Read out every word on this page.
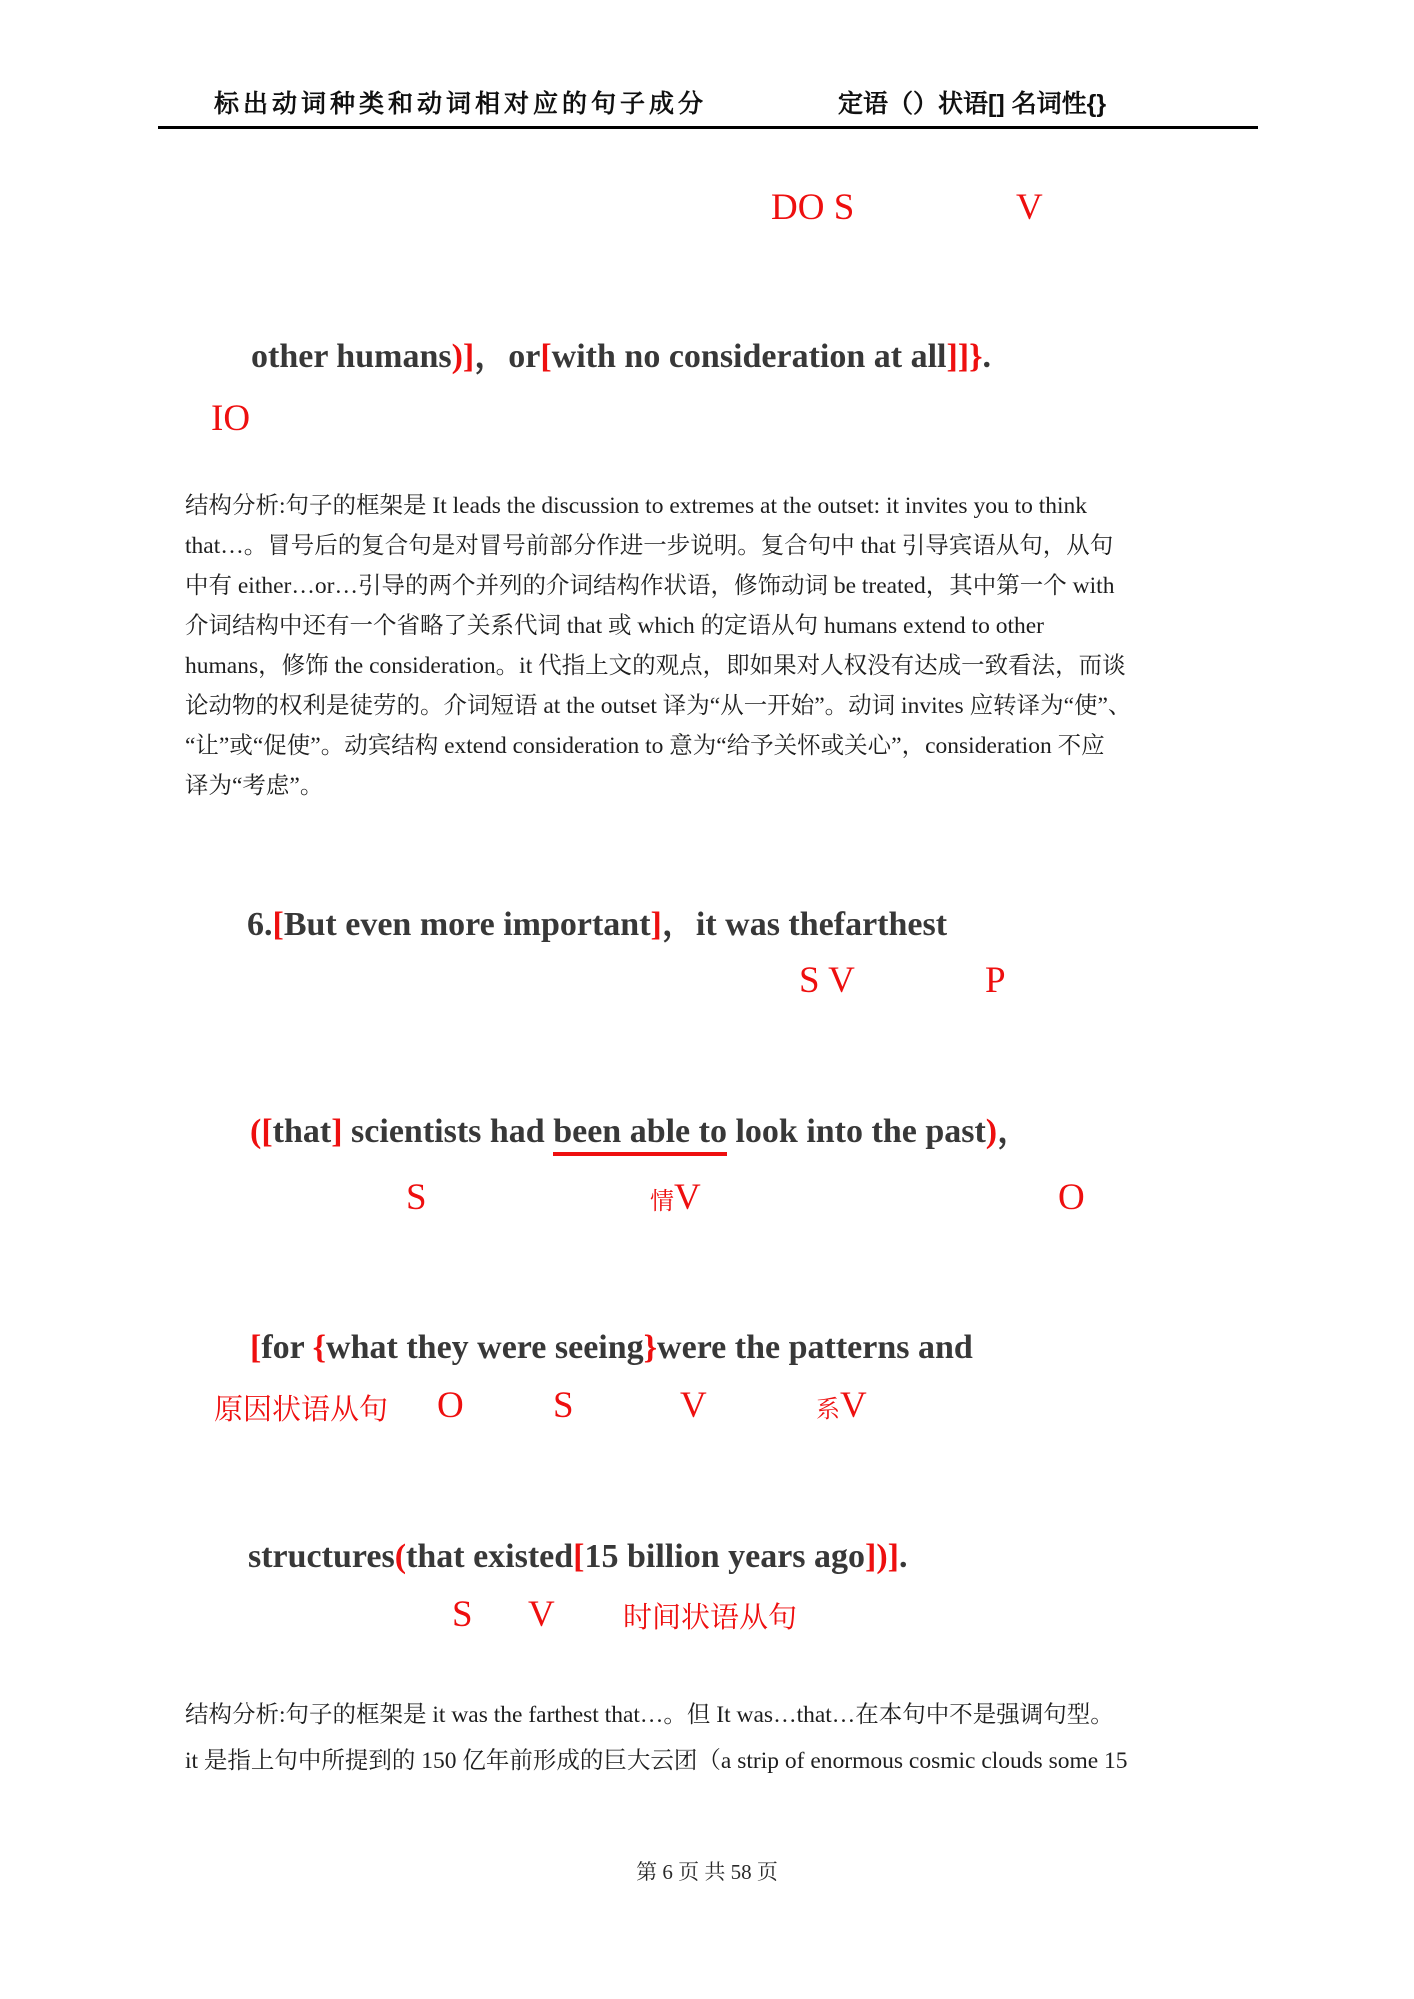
标出动词种类和动词相对应的句子成分	定语（）状语[] 名词性{}
DO S	V

other humans)]，or[with no consideration at all]]}.

IO
结构分析:句子的框架是 It leads the discussion to extremes at the outset: it invites you to think
that…。冒号后的复合句是对冒号前部分作进一步说明。复合句中 that 引导宾语从句，从句
中有 either…or…引导的两个并列的介词结构作状语，修饰动词 be treated，其中第一个 with
介词结构中还有一个省略了关系代词 that 或 which 的定语从句 humans extend to other
humans，修饰 the consideration。it 代指上文的观点，即如果对人权没有达成一致看法，而谈
论动物的权利是徒劳的。介词短语 at the outset 译为“从一开始”。动词 invites 应转译为“使”、
“让”或“促使”。动宾结构 extend consideration to 意为“给予关怀或关心”，consideration 不应
译为“考虑”。

6.[But even more important]，it was thefarthest

S V	P

([that] scientists had been able to look into the past)，

S	情V	O

[for {what they were seeing}were the patterns and

原因状语从句 O S	V	系V

structures(that existed[15 billion years ago])].

S V 时间状语从句
结构分析:句子的框架是 it was the farthest that…。但 It was…that…在本句中不是强调句型。
it 是指上句中所提到的 150 亿年前形成的巨大云团（a strip of enormous cosmic clouds some 15
第 6 页 共 58 页
